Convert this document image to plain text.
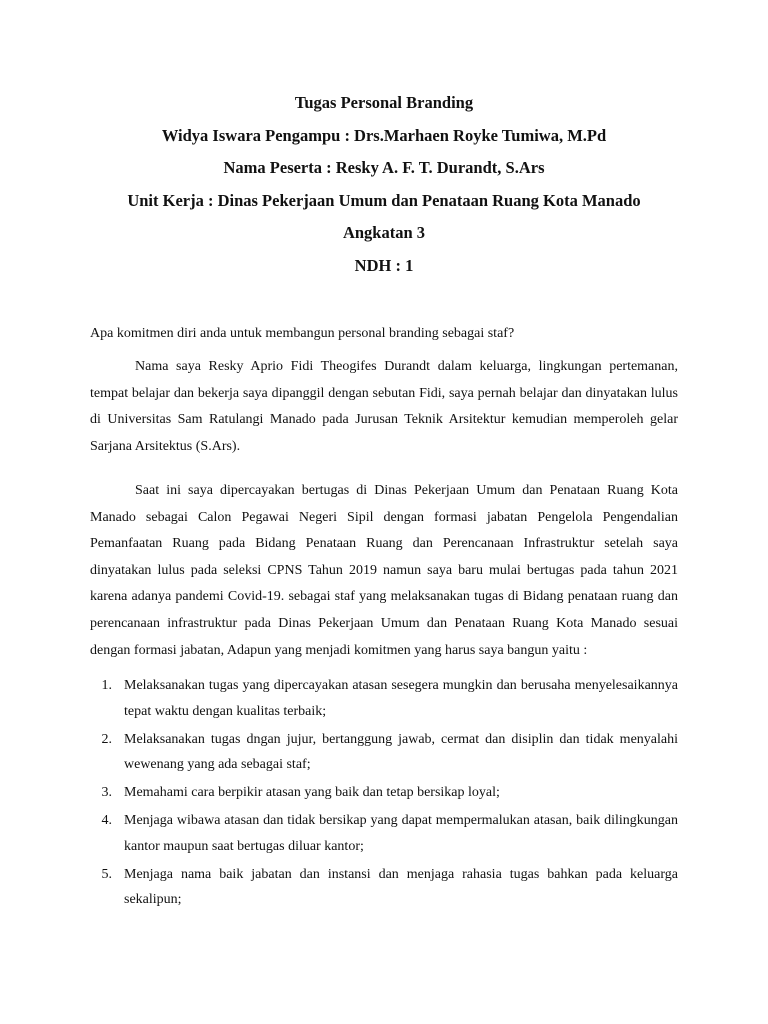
Tugas Personal Branding
Widya Iswara Pengampu : Drs.Marhaen Royke Tumiwa, M.Pd
Nama Peserta : Resky A. F. T. Durandt, S.Ars
Unit Kerja : Dinas Pekerjaan Umum dan Penataan Ruang Kota Manado
Angkatan 3
NDH : 1
Apa komitmen diri anda untuk membangun personal branding sebagai staf?

Nama saya Resky Aprio Fidi Theogifes Durandt dalam keluarga, lingkungan pertemanan, tempat belajar dan bekerja saya dipanggil dengan sebutan Fidi, saya pernah belajar dan dinyatakan lulus di Universitas Sam Ratulangi Manado pada Jurusan Teknik Arsitektur kemudian memperoleh gelar Sarjana Arsitektus (S.Ars).

Saat ini saya dipercayakan bertugas di Dinas Pekerjaan Umum dan Penataan Ruang Kota Manado sebagai Calon Pegawai Negeri Sipil dengan formasi jabatan Pengelola Pengendalian Pemanfaatan Ruang pada Bidang Penataan Ruang dan Perencanaan Infrastruktur setelah saya dinyatakan lulus pada seleksi CPNS Tahun 2019 namun saya baru mulai bertugas pada tahun 2021 karena adanya pandemi Covid-19. sebagai staf yang melaksanakan tugas di Bidang penataan ruang dan perencanaan infrastruktur pada Dinas Pekerjaan Umum dan Penataan Ruang Kota Manado sesuai dengan formasi jabatan, Adapun yang menjadi komitmen yang harus saya bangun yaitu :

1. Melaksanakan tugas yang dipercayakan atasan sesegera mungkin dan berusaha menyelesaikannya tepat waktu dengan kualitas terbaik;
2. Melaksanakan tugas dngan jujur, bertanggung jawab, cermat dan disiplin dan tidak menyalahi wewenang yang ada sebagai staf;
3. Memahami cara berpikir atasan yang baik dan tetap bersikap loyal;
4. Menjaga wibawa atasan dan tidak bersikap yang dapat mempermalukan atasan, baik dilingkungan kantor maupun saat bertugas diluar kantor;
5. Menjaga nama baik jabatan dan instansi dan menjaga rahasia tugas bahkan pada keluarga sekalipun;
